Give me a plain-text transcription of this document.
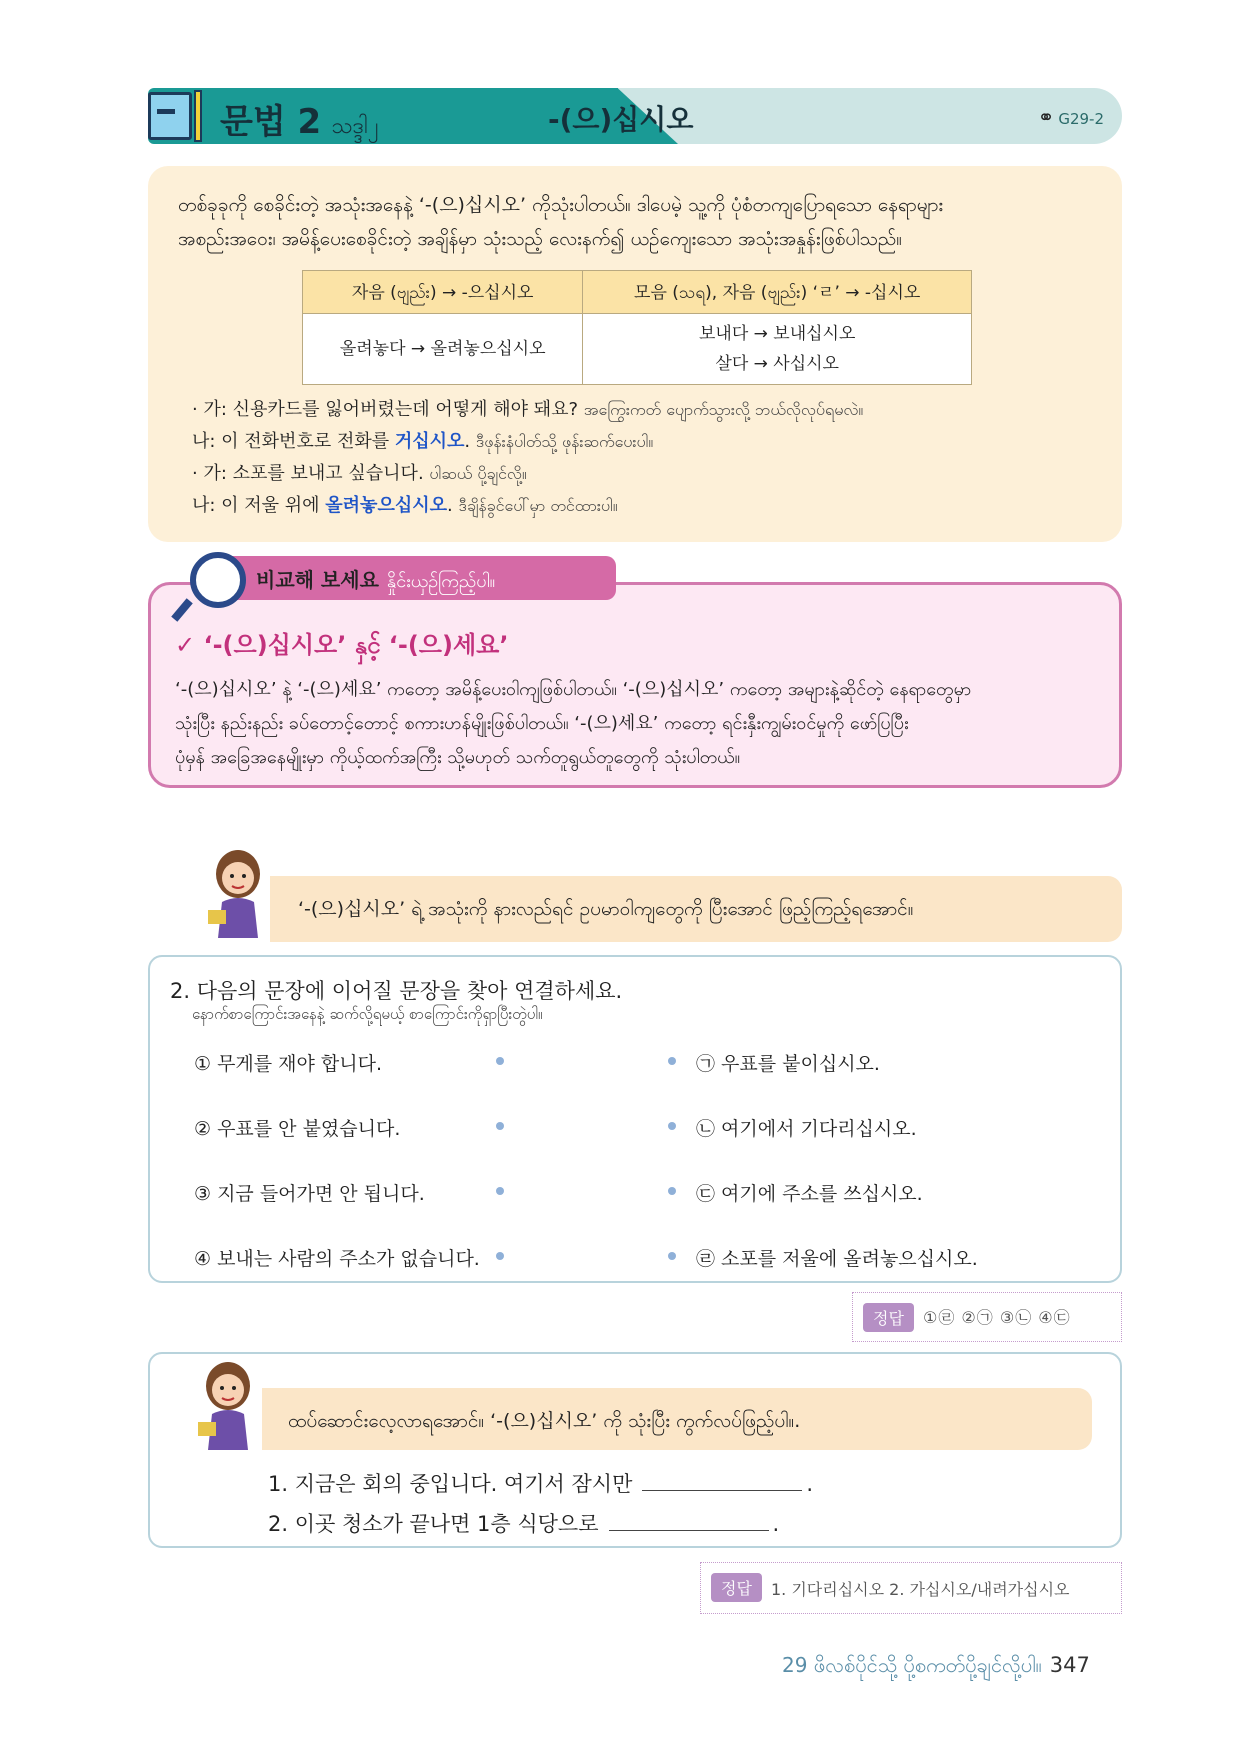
문법 2 သဒ္ဒါ၂	-(으)십시오	⚭ G29-2
တစ်ခုခုကို စေခိုင်းတဲ့ အသုံးအနေနဲ့ ‘-(으)십시오’ ကိုသုံးပါတယ်။ ဒါပေမဲ့ သူ့ကို ပုံစံတကျပြောရသော နေရာများ
အစည်းအဝေး၊ အမိန့်ပေးစေခိုင်းတဲ့ အချိန်မှာ သုံးသည့် လေးနက်၍ ယဉ်ကျေးသော အသုံးအနှုန်းဖြစ်ပါသည်။
자음 (ဗျည်း) → -으십시오	모음 (သရ), 자음 (ဗျည်း) ‘ㄹ’ → -십시오
올려놓다 → 올려놓으십시오	보내다 → 보내십시오
살다 → 사십시오
· 가: 신용카드를 잃어버렸는데 어떻게 해야 돼요? အကြွေးကတ် ပျောက်သွားလို့ ဘယ်လိုလုပ်ရမလဲ။
나: 이 전화번호로 전화를 거십시오. ဒီဖုန်းနံပါတ်သို့ ဖုန်းဆက်ပေးပါ။
· 가: 소포를 보내고 싶습니다. ပါဆယ် ပို့ချင်လို့။
나: 이 저울 위에 올려놓으십시오. ဒီချိန်ခွင်ပေါ်မှာ တင်ထားပါ။
✓ ‘-(으)십시오’ နှင့် ‘-(으)세요’
‘-(으)십시오’ နဲ့ ‘-(으)세요’ ကတော့ အမိန့်ပေးဝါကျဖြစ်ပါတယ်။ ‘-(으)십시오’ ကတော့ အများနဲ့ဆိုင်တဲ့ နေရာတွေမှာ
သုံးပြီး နည်းနည်း ခပ်တောင့်တောင့် စကားဟန်မျိုးဖြစ်ပါတယ်။ ‘-(으)세요’ ကတော့ ရင်းနှီးကျွမ်းဝင်မှုကို ဖော်ပြပြီး
ပုံမှန် အခြေအနေမျိုးမှာ ကိုယ့်ထက်အကြီး သို့မဟုတ် သက်တူရွယ်တူတွေကို သုံးပါတယ်။
비교해 보세요 နှိုင်းယှဉ်ကြည့်ပါ။
‘-(으)십시오’ ရဲ့ အသုံးကို နားလည်ရင် ဥပမာဝါကျတွေကို ပြီးအောင် ဖြည့်ကြည့်ရအောင်။
2. 다음의 문장에 이어질 문장을 찾아 연결하세요.
နောက်စာကြောင်းအနေနဲ့ ဆက်လို့ရမယ့် စာကြောင်းကိုရှာပြီးတွဲပါ။
① 무게를 재야 합니다.
② 우표를 안 붙였습니다.
③ 지금 들어가면 안 됩니다.
④ 보내는 사람의 주소가 없습니다.
㉠ 우표를 붙이십시오.
㉡ 여기에서 기다리십시오.
㉢ 여기에 주소를 쓰십시오.
㉣ 소포를 저울에 올려놓으십시오.
정답	①㉣ ②㉠ ③㉡ ④㉢
1. 지금은 회의 중입니다. 여기서 잠시만	.
2. 이곳 청소가 끝나면 1층 식당으로	.
ထပ်ဆောင်းလေ့လာရအောင်။ ‘-(으)십시오’ ကို သုံးပြီး ကွက်လပ်ဖြည့်ပါ။.
정답	1. 기다리십시오 2. 가십시오/내려가십시오
29 ဖိလစ်ပိုင်သို့ ပို့စကတ်ပို့ချင်လို့ပါ။ 347
